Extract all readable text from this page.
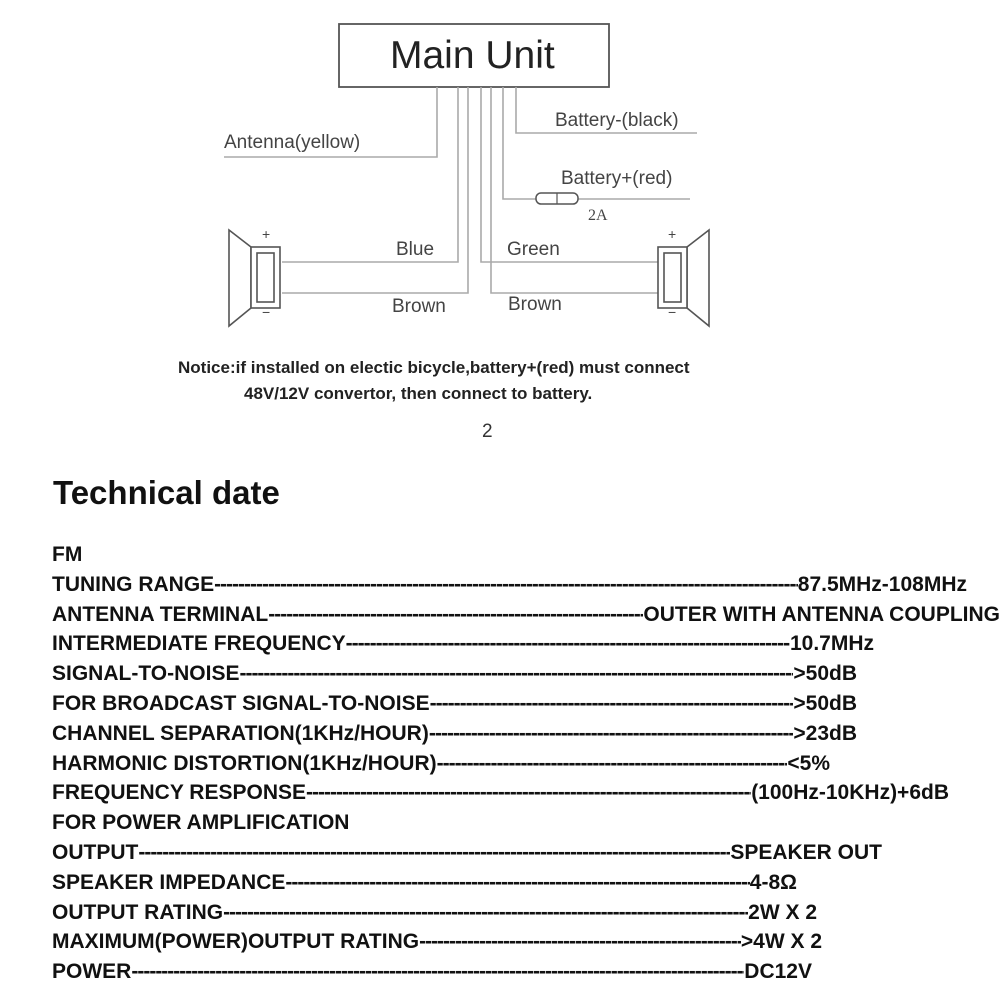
Main Unit
Antenna(yellow)
Battery-(black)
Battery+(red)
2A
+
−
+
−
Blue	Green
Brown	Brown
Notice:if installed on electic bicycle,battery+(red) must connect
48V/12V convertor, then connect to battery.
2
Technical date
FM
TUNING RANGE -----	87.5MHz-108MHz
ANTENNA TERMINAL -----	OUTER WITH ANTENNA COUPLING
INTERMEDIATE FREQUENCY -----	10.7MHz
SIGNAL-TO-NOISE -----	>50dB
FOR BROADCAST SIGNAL-TO-NOISE -----	>50dB
CHANNEL SEPARATION(1KHz/HOUR) -----	>23dB
HARMONIC DISTORTION(1KHz/HOUR) -----	<5%
FREQUENCY RESPONSE -----	(100Hz-10KHz)+6dB
FOR POWER AMPLIFICATION
OUTPUT -----	SPEAKER OUT
SPEAKER IMPEDANCE -----	4-8Ω
OUTPUT RATING -----	2W X 2
MAXIMUM(POWER)OUTPUT RATING -----	>4W X 2
POWER -----	DC12V
